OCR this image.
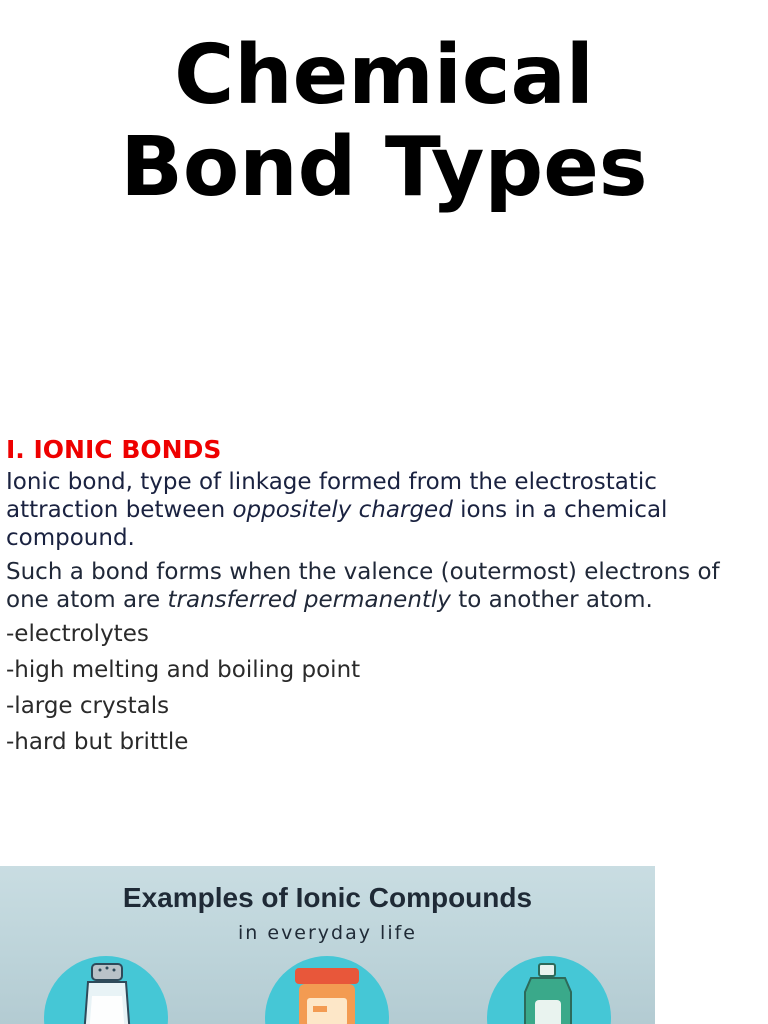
Chemical
Bond Types
I. IONIC BONDS

Ionic bond, type of linkage formed from the electrostatic attraction between oppositely charged ions in a chemical compound.

Such a bond forms when the valence (outermost) electrons of one atom are transferred permanently to another atom.

-electrolytes
-high melting and boiling point
-large crystals
-hard but brittle
Examples of Ionic Compounds
in everyday life
